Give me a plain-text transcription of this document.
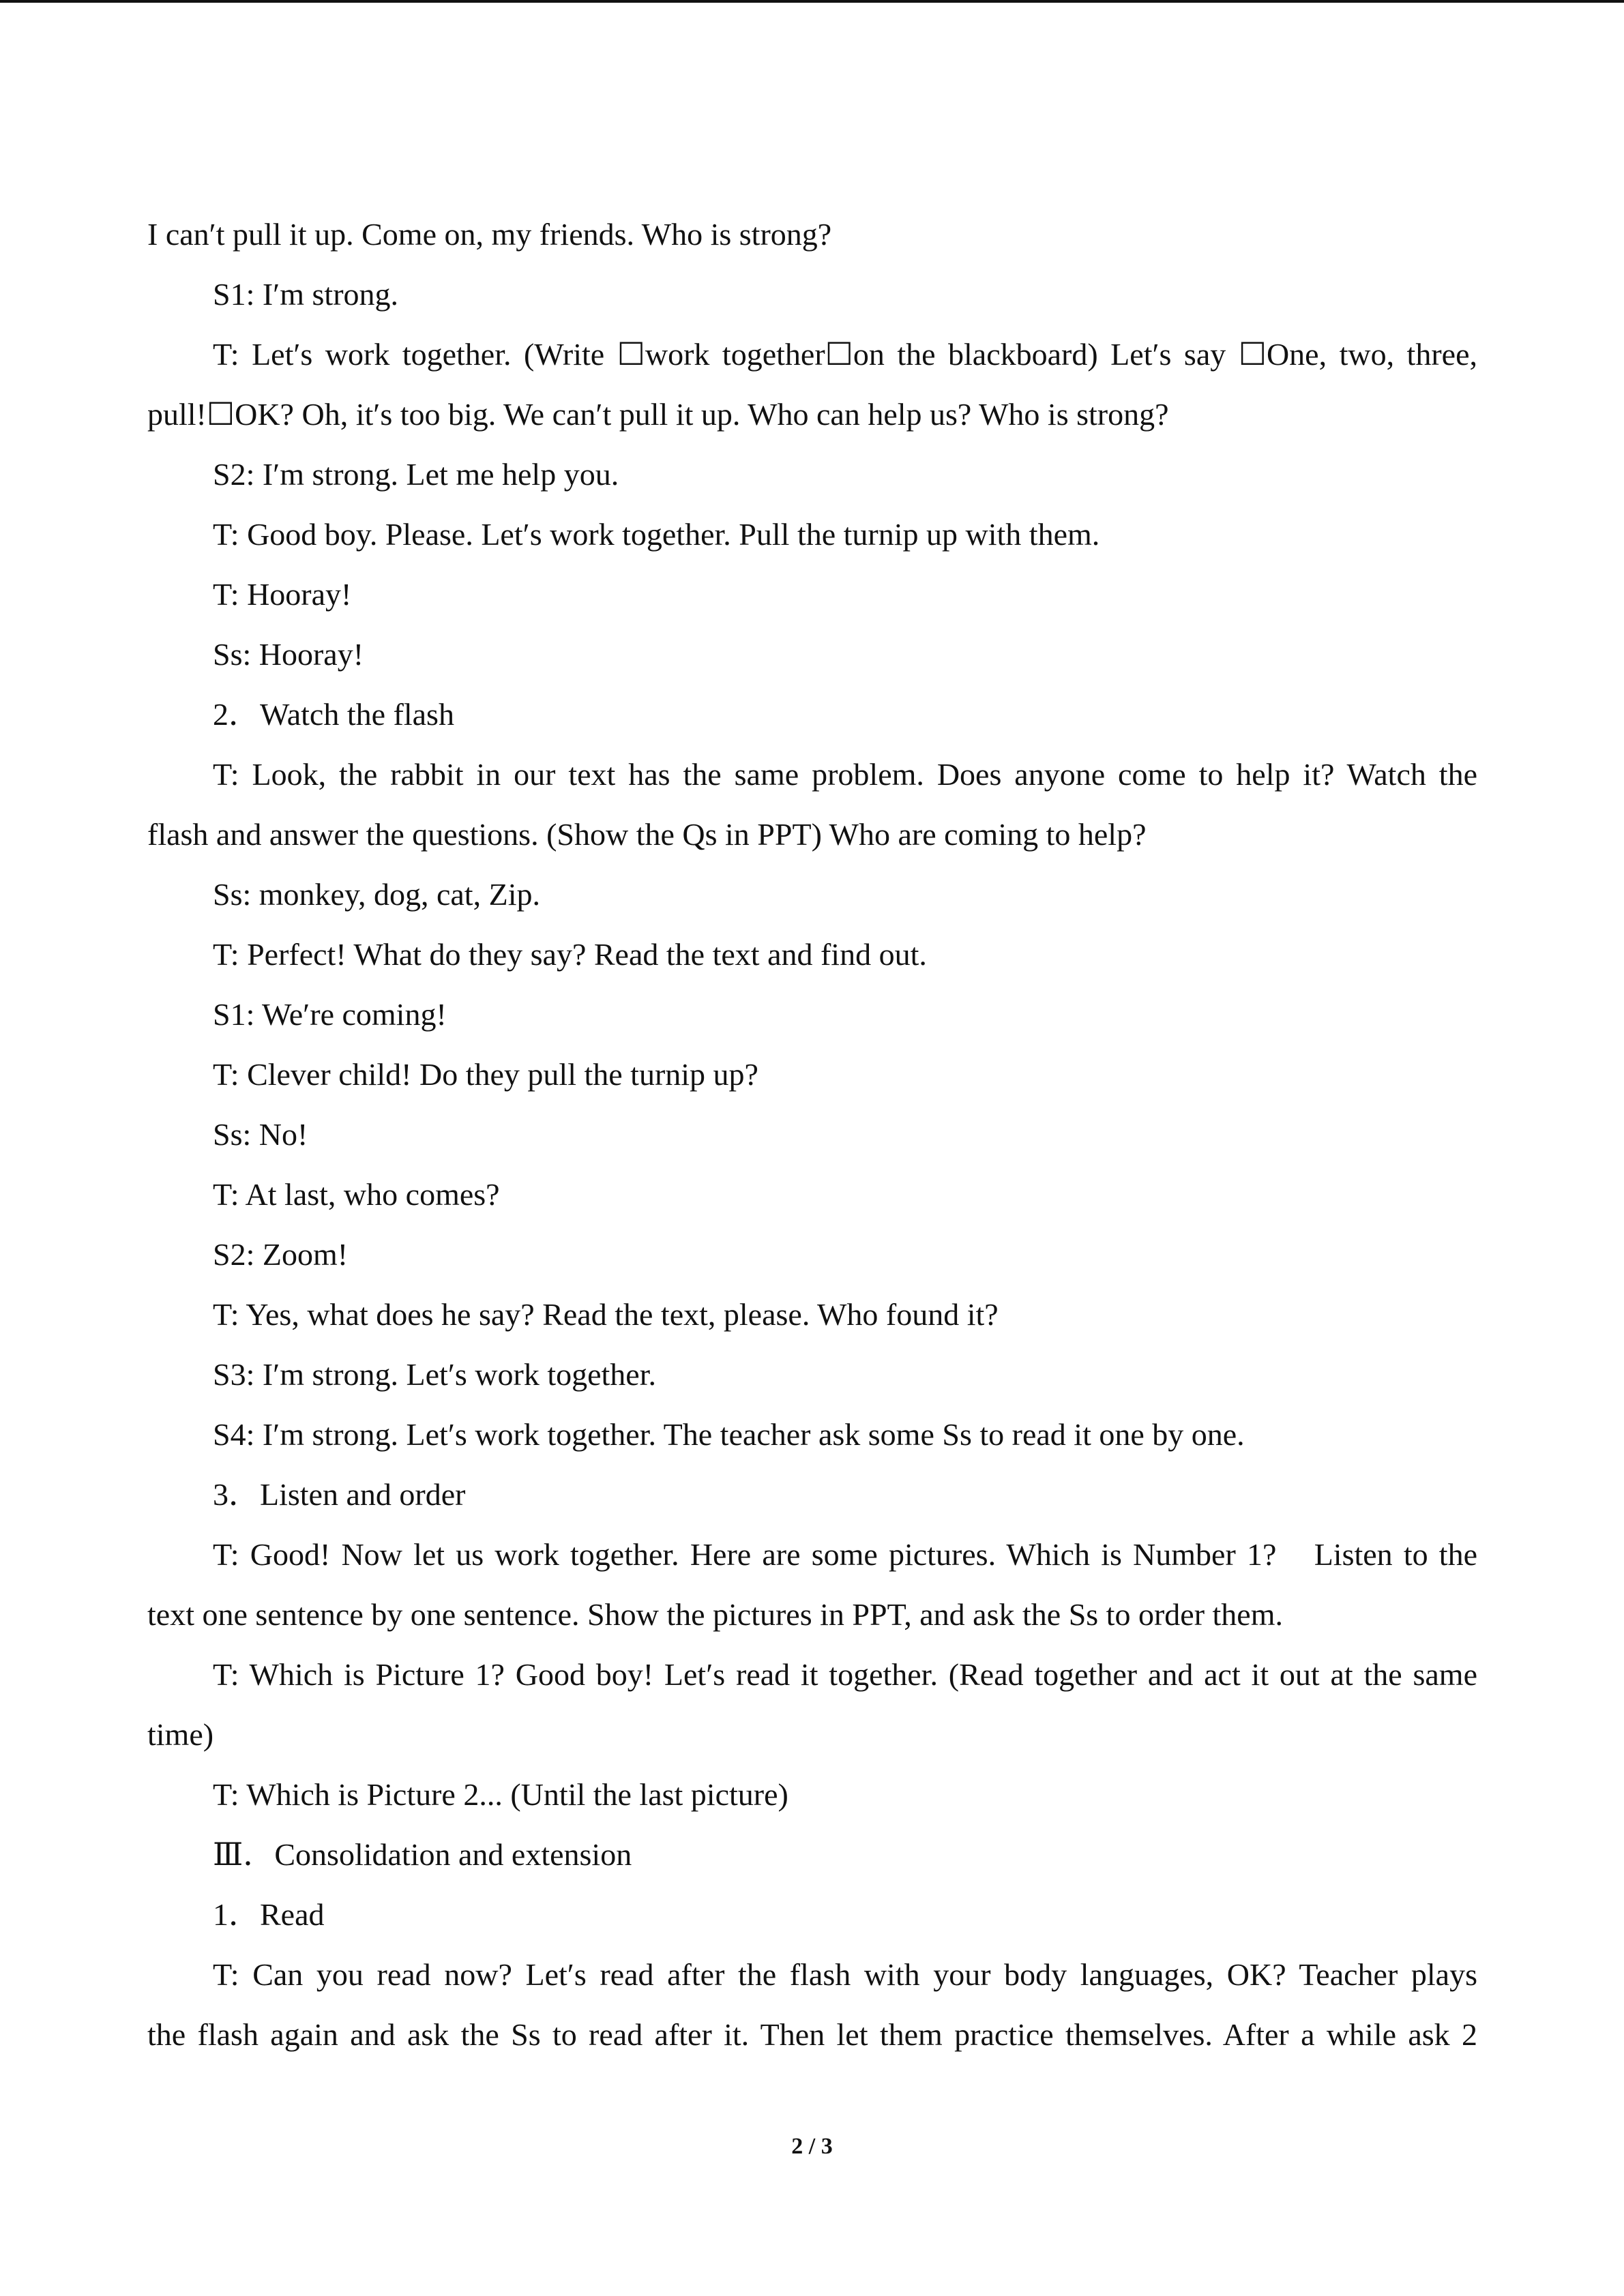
I can′t pull it up. Come on, my friends. Who is strong?

S1: I′m strong.

T: Let′s work together. (Write ☐work together☐on the blackboard) Let′s say ☐One, two, three,

pull!☐OK? Oh, it′s too big. We can′t pull it up. Who can help us? Who is strong?

S2: I′m strong. Let me help you.

T: Good boy. Please. Let′s work together. Pull the turnip up with them.

T: Hooray!

Ss: Hooray!

2．Watch the flash

T: Look, the rabbit in our text has the same problem. Does anyone come to help it? Watch the

flash and answer the questions. (Show the Qs in PPT) Who are coming to help?

Ss: monkey, dog, cat, Zip.

T: Perfect! What do they say? Read the text and find out.

S1: We′re coming!

T: Clever child! Do they pull the turnip up?

Ss: No!

T: At last, who comes?

S2: Zoom!

T: Yes, what does he say? Read the text, please. Who found it?

S3: I′m strong. Let′s work together.

S4: I′m strong. Let′s work together. The teacher ask some Ss to read it one by one.

3．Listen and order

T: Good! Now let us work together. Here are some pictures. Which is Number 1?　Listen to the

text one sentence by one sentence. Show the pictures in PPT, and ask the Ss to order them.

T: Which is Picture 1? Good boy! Let′s read it together. (Read together and act it out at the same

time)

T: Which is Picture 2... (Until the last picture)

Ⅲ．Consolidation and extension

1．Read

T: Can you read now? Let′s read after the flash with your body languages, OK? Teacher plays

the flash again and ask the Ss to read after it. Then let them practice themselves. After a while ask 2

2 / 3
